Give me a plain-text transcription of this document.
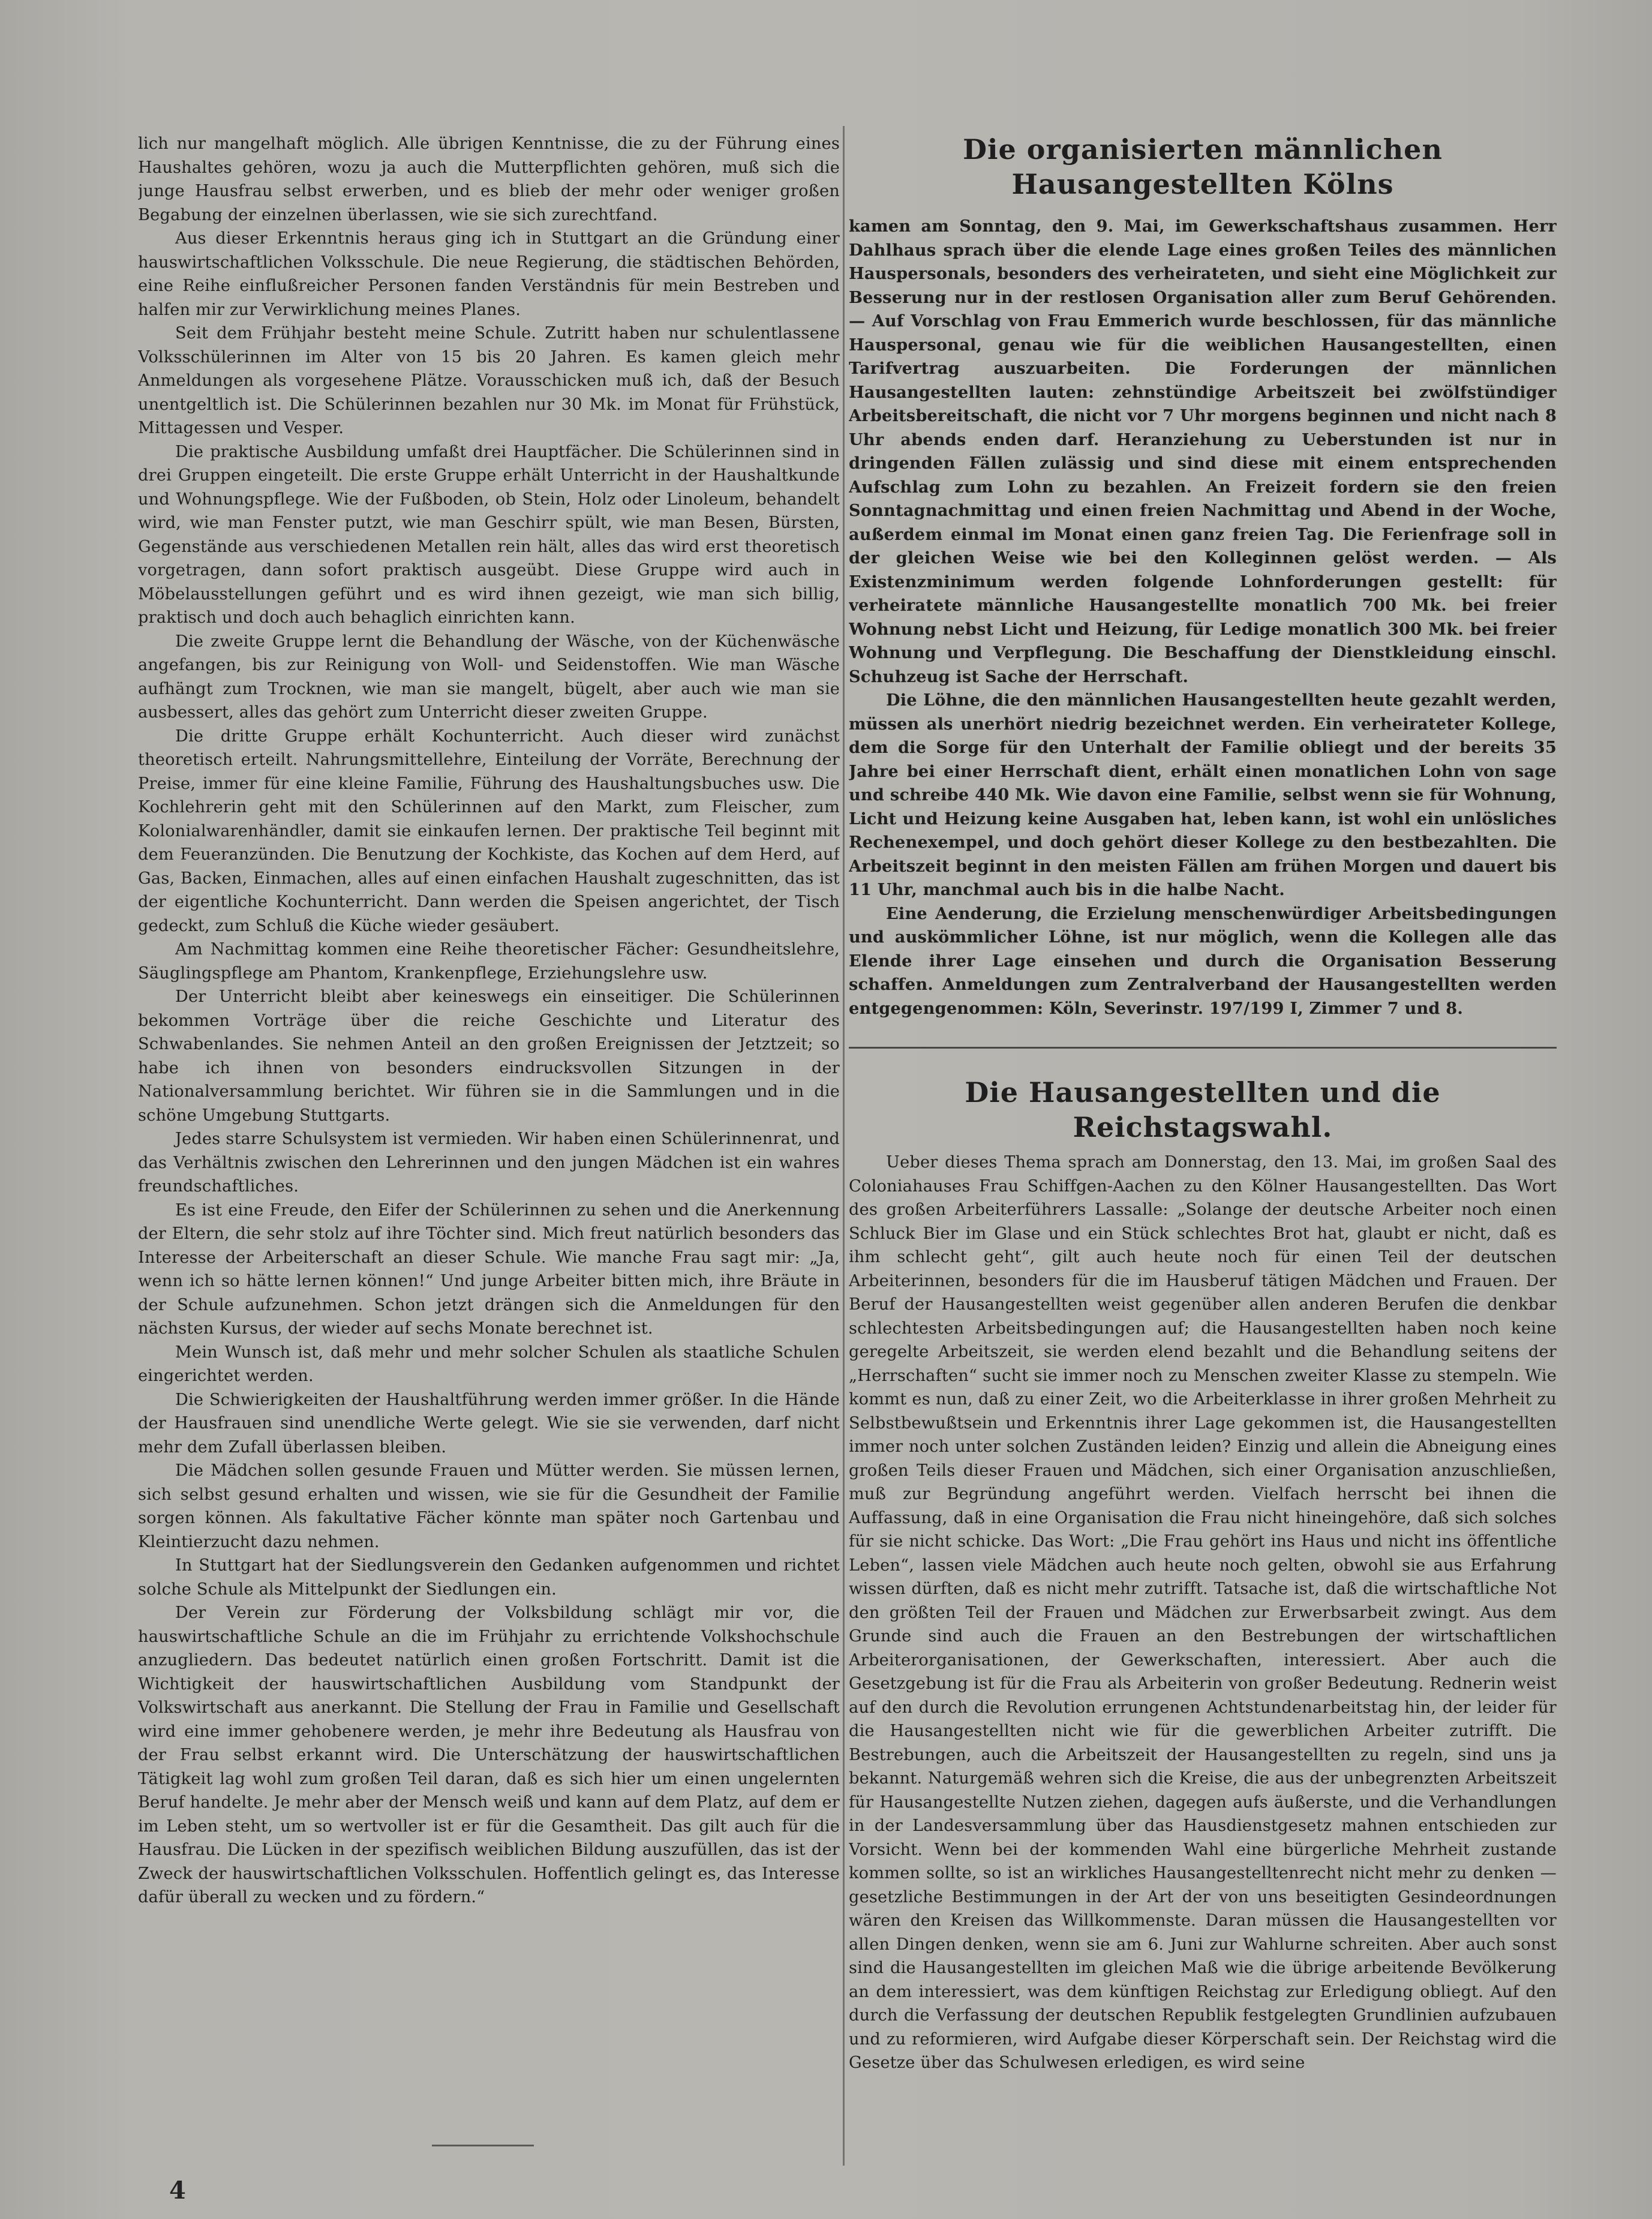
lich nur mangelhaft möglich. Alle übrigen Kenntnisse, die zu der Führung eines Haushaltes gehören, wozu ja auch die Mutterpflichten gehören, muß sich die junge Hausfrau selbst erwerben, und es blieb der mehr oder weniger großen Begabung der einzelnen überlassen, wie sie sich zurechtfand.

Aus dieser Erkenntnis heraus ging ich in Stuttgart an die Gründung einer hauswirtschaftlichen Volksschule. Die neue Regierung, die städtischen Behörden, eine Reihe einflußreicher Personen fanden Verständnis für mein Bestreben und halfen mir zur Verwirklichung meines Planes.

Seit dem Frühjahr besteht meine Schule. Zutritt haben nur schulentlassene Volksschülerinnen im Alter von 15 bis 20 Jahren. Es kamen gleich mehr Anmeldungen als vorgesehene Plätze. Vorausschicken muß ich, daß der Besuch unentgeltlich ist. Die Schülerinnen bezahlen nur 30 Mk. im Monat für Frühstück, Mittagessen und Vesper.

Die praktische Ausbildung umfaßt drei Hauptfächer. Die Schülerinnen sind in drei Gruppen eingeteilt. Die erste Gruppe erhält Unterricht in der Haushaltkunde und Wohnungspflege. Wie der Fußboden, ob Stein, Holz oder Linoleum, behandelt wird, wie man Fenster putzt, wie man Geschirr spült, wie man Besen, Bürsten, Gegenstände aus verschiedenen Metallen rein hält, alles das wird erst theoretisch vorgetragen, dann sofort praktisch ausgeübt. Diese Gruppe wird auch in Möbelausstellungen geführt und es wird ihnen gezeigt, wie man sich billig, praktisch und doch auch behaglich einrichten kann.

Die zweite Gruppe lernt die Behandlung der Wäsche, von der Küchenwäsche angefangen, bis zur Reinigung von Woll- und Seidenstoffen. Wie man Wäsche aufhängt zum Trocknen, wie man sie mangelt, bügelt, aber auch wie man sie ausbessert, alles das gehört zum Unterricht dieser zweiten Gruppe.

Die dritte Gruppe erhält Kochunterricht. Auch dieser wird zunächst theoretisch erteilt. Nahrungsmittellehre, Einteilung der Vorräte, Berechnung der Preise, immer für eine kleine Familie, Führung des Haushaltungsbuches usw. Die Kochlehrerin geht mit den Schülerinnen auf den Markt, zum Fleischer, zum Kolonialwarenhändler, damit sie einkaufen lernen. Der praktische Teil beginnt mit dem Feueranzünden. Die Benutzung der Kochkiste, das Kochen auf dem Herd, auf Gas, Backen, Einmachen, alles auf einen einfachen Haushalt zugeschnitten, das ist der eigentliche Kochunterricht. Dann werden die Speisen angerichtet, der Tisch gedeckt, zum Schluß die Küche wieder gesäubert.

Am Nachmittag kommen eine Reihe theoretischer Fächer: Gesundheitslehre, Säuglingspflege am Phantom, Krankenpflege, Erziehungslehre usw.

Der Unterricht bleibt aber keineswegs ein einseitiger. Die Schülerinnen bekommen Vorträge über die reiche Geschichte und Literatur des Schwabenlandes. Sie nehmen Anteil an den großen Ereignissen der Jetztzeit; so habe ich ihnen von besonders eindrucksvollen Sitzungen in der Nationalversammlung berichtet. Wir führen sie in die Sammlungen und in die schöne Umgebung Stuttgarts.

Jedes starre Schulsystem ist vermieden. Wir haben einen Schülerinnenrat, und das Verhältnis zwischen den Lehrerinnen und den jungen Mädchen ist ein wahres freundschaftliches.

Es ist eine Freude, den Eifer der Schülerinnen zu sehen und die Anerkennung der Eltern, die sehr stolz auf ihre Töchter sind. Mich freut natürlich besonders das Interesse der Arbeiterschaft an dieser Schule. Wie manche Frau sagt mir: „Ja, wenn ich so hätte lernen können!“ Und junge Arbeiter bitten mich, ihre Bräute in der Schule aufzunehmen. Schon jetzt drängen sich die Anmeldungen für den nächsten Kursus, der wieder auf sechs Monate berechnet ist.

Mein Wunsch ist, daß mehr und mehr solcher Schulen als staatliche Schulen eingerichtet werden.

Die Schwierigkeiten der Haushaltführung werden immer größer. In die Hände der Hausfrauen sind unendliche Werte gelegt. Wie sie sie verwenden, darf nicht mehr dem Zufall überlassen bleiben.

Die Mädchen sollen gesunde Frauen und Mütter werden. Sie müssen lernen, sich selbst gesund erhalten und wissen, wie sie für die Gesundheit der Familie sorgen können. Als fakultative Fächer könnte man später noch Gartenbau und Kleintierzucht dazu nehmen.

In Stuttgart hat der Siedlungsverein den Gedanken aufgenommen und richtet solche Schule als Mittelpunkt der Siedlungen ein.

Der Verein zur Förderung der Volksbildung schlägt mir vor, die hauswirtschaftliche Schule an die im Frühjahr zu errichtende Volkshochschule anzugliedern. Das bedeutet natürlich einen großen Fortschritt. Damit ist die Wichtigkeit der hauswirtschaftlichen Ausbildung vom Standpunkt der Volkswirtschaft aus anerkannt. Die Stellung der Frau in Familie und Gesellschaft wird eine immer gehobenere werden, je mehr ihre Bedeutung als Hausfrau von der Frau selbst erkannt wird. Die Unterschätzung der hauswirtschaftlichen Tätigkeit lag wohl zum großen Teil daran, daß es sich hier um einen ungelernten Beruf handelte. Je mehr aber der Mensch weiß und kann auf dem Platz, auf dem er im Leben steht, um so wertvoller ist er für die Gesamtheit. Das gilt auch für die Hausfrau. Die Lücken in der spezifisch weiblichen Bildung auszufüllen, das ist der Zweck der hauswirtschaftlichen Volksschulen. Hoffentlich gelingt es, das Interesse dafür überall zu wecken und zu fördern.“

Die organisierten männlichen Hausangestellten Kölns

kamen am Sonntag, den 9. Mai, im Gewerkschaftshaus zusammen. Herr Dahlhaus sprach über die elende Lage eines großen Teiles des männlichen Hauspersonals, besonders des verheirateten, und sieht eine Möglichkeit zur Besserung nur in der restlosen Organisation aller zum Beruf Gehörenden. — Auf Vorschlag von Frau Emmerich wurde beschlossen, für das männliche Hauspersonal, genau wie für die weiblichen Hausangestellten, einen Tarifvertrag auszuarbeiten. Die Forderungen der männlichen Hausangestellten lauten: zehnstündige Arbeitszeit bei zwölfstündiger Arbeitsbereitschaft, die nicht vor 7 Uhr morgens beginnen und nicht nach 8 Uhr abends enden darf. Heranziehung zu Ueberstunden ist nur in dringenden Fällen zulässig und sind diese mit einem entsprechenden Aufschlag zum Lohn zu bezahlen. An Freizeit fordern sie den freien Sonntagnachmittag und einen freien Nachmittag und Abend in der Woche, außerdem einmal im Monat einen ganz freien Tag. Die Ferienfrage soll in der gleichen Weise wie bei den Kolleginnen gelöst werden. — Als Existenzminimum werden folgende Lohnforderungen gestellt: für verheiratete männliche Hausangestellte monatlich 700 Mk. bei freier Wohnung nebst Licht und Heizung, für Ledige monatlich 300 Mk. bei freier Wohnung und Verpflegung. Die Beschaffung der Dienstkleidung einschl. Schuhzeug ist Sache der Herrschaft.

Die Löhne, die den männlichen Hausangestellten heute gezahlt werden, müssen als unerhört niedrig bezeichnet werden. Ein verheirateter Kollege, dem die Sorge für den Unterhalt der Familie obliegt und der bereits 35 Jahre bei einer Herrschaft dient, erhält einen monatlichen Lohn von sage und schreibe 440 Mk. Wie davon eine Familie, selbst wenn sie für Wohnung, Licht und Heizung keine Ausgaben hat, leben kann, ist wohl ein unlösliches Rechenexempel, und doch gehört dieser Kollege zu den bestbezahlten. Die Arbeitszeit beginnt in den meisten Fällen am frühen Morgen und dauert bis 11 Uhr, manchmal auch bis in die halbe Nacht.

Eine Aenderung, die Erzielung menschenwürdiger Arbeitsbedingungen und auskömmlicher Löhne, ist nur möglich, wenn die Kollegen alle das Elende ihrer Lage einsehen und durch die Organisation Besserung schaffen. Anmeldungen zum Zentralverband der Hausangestellten werden entgegengenommen: Köln, Severinstr. 197/199 I, Zimmer 7 und 8.

Die Hausangestellten und die Reichstagswahl.

Ueber dieses Thema sprach am Donnerstag, den 13. Mai, im großen Saal des Coloniahauses Frau Schiffgen-Aachen zu den Kölner Hausangestellten. Das Wort des großen Arbeiterführers Lassalle: „Solange der deutsche Arbeiter noch einen Schluck Bier im Glase und ein Stück schlechtes Brot hat, glaubt er nicht, daß es ihm schlecht geht“, gilt auch heute noch für einen Teil der deutschen Arbeiterinnen, besonders für die im Hausberuf tätigen Mädchen und Frauen. Der Beruf der Hausangestellten weist gegenüber allen anderen Berufen die denkbar schlechtesten Arbeitsbedingungen auf; die Hausangestellten haben noch keine geregelte Arbeitszeit, sie werden elend bezahlt und die Behandlung seitens der „Herrschaften“ sucht sie immer noch zu Menschen zweiter Klasse zu stempeln. Wie kommt es nun, daß zu einer Zeit, wo die Arbeiterklasse in ihrer großen Mehrheit zu Selbstbewußtsein und Erkenntnis ihrer Lage gekommen ist, die Hausangestellten immer noch unter solchen Zuständen leiden? Einzig und allein die Abneigung eines großen Teils dieser Frauen und Mädchen, sich einer Organisation anzuschließen, muß zur Begründung angeführt werden. Vielfach herrscht bei ihnen die Auffassung, daß in eine Organisation die Frau nicht hineingehöre, daß sich solches für sie nicht schicke. Das Wort: „Die Frau gehört ins Haus und nicht ins öffentliche Leben“, lassen viele Mädchen auch heute noch gelten, obwohl sie aus Erfahrung wissen dürften, daß es nicht mehr zutrifft. Tatsache ist, daß die wirtschaftliche Not den größten Teil der Frauen und Mädchen zur Erwerbsarbeit zwingt. Aus dem Grunde sind auch die Frauen an den Bestrebungen der wirtschaftlichen Arbeiterorganisationen, der Gewerkschaften, interessiert. Aber auch die Gesetzgebung ist für die Frau als Arbeiterin von großer Bedeutung. Rednerin weist auf den durch die Revolution errungenen Achtstundenarbeitstag hin, der leider für die Hausangestellten nicht wie für die gewerblichen Arbeiter zutrifft. Die Bestrebungen, auch die Arbeitszeit der Hausangestellten zu regeln, sind uns ja bekannt. Naturgemäß wehren sich die Kreise, die aus der unbegrenzten Arbeitszeit für Hausangestellte Nutzen ziehen, dagegen aufs äußerste, und die Verhandlungen in der Landesversammlung über das Hausdienstgesetz mahnen entschieden zur Vorsicht. Wenn bei der kommenden Wahl eine bürgerliche Mehrheit zustande kommen sollte, so ist an wirkliches Hausangestelltenrecht nicht mehr zu denken — gesetzliche Bestimmungen in der Art der von uns beseitigten Gesindeordnungen wären den Kreisen das Willkommenste. Daran müssen die Hausangestellten vor allen Dingen denken, wenn sie am 6. Juni zur Wahlurne schreiten. Aber auch sonst sind die Hausangestellten im gleichen Maß wie die übrige arbeitende Bevölkerung an dem interessiert, was dem künftigen Reichstag zur Erledigung obliegt. Auf den durch die Verfassung der deutschen Republik festgelegten Grundlinien aufzubauen und zu reformieren, wird Aufgabe dieser Körperschaft sein. Der Reichstag wird die Gesetze über das Schulwesen erledigen, es wird seine

4
